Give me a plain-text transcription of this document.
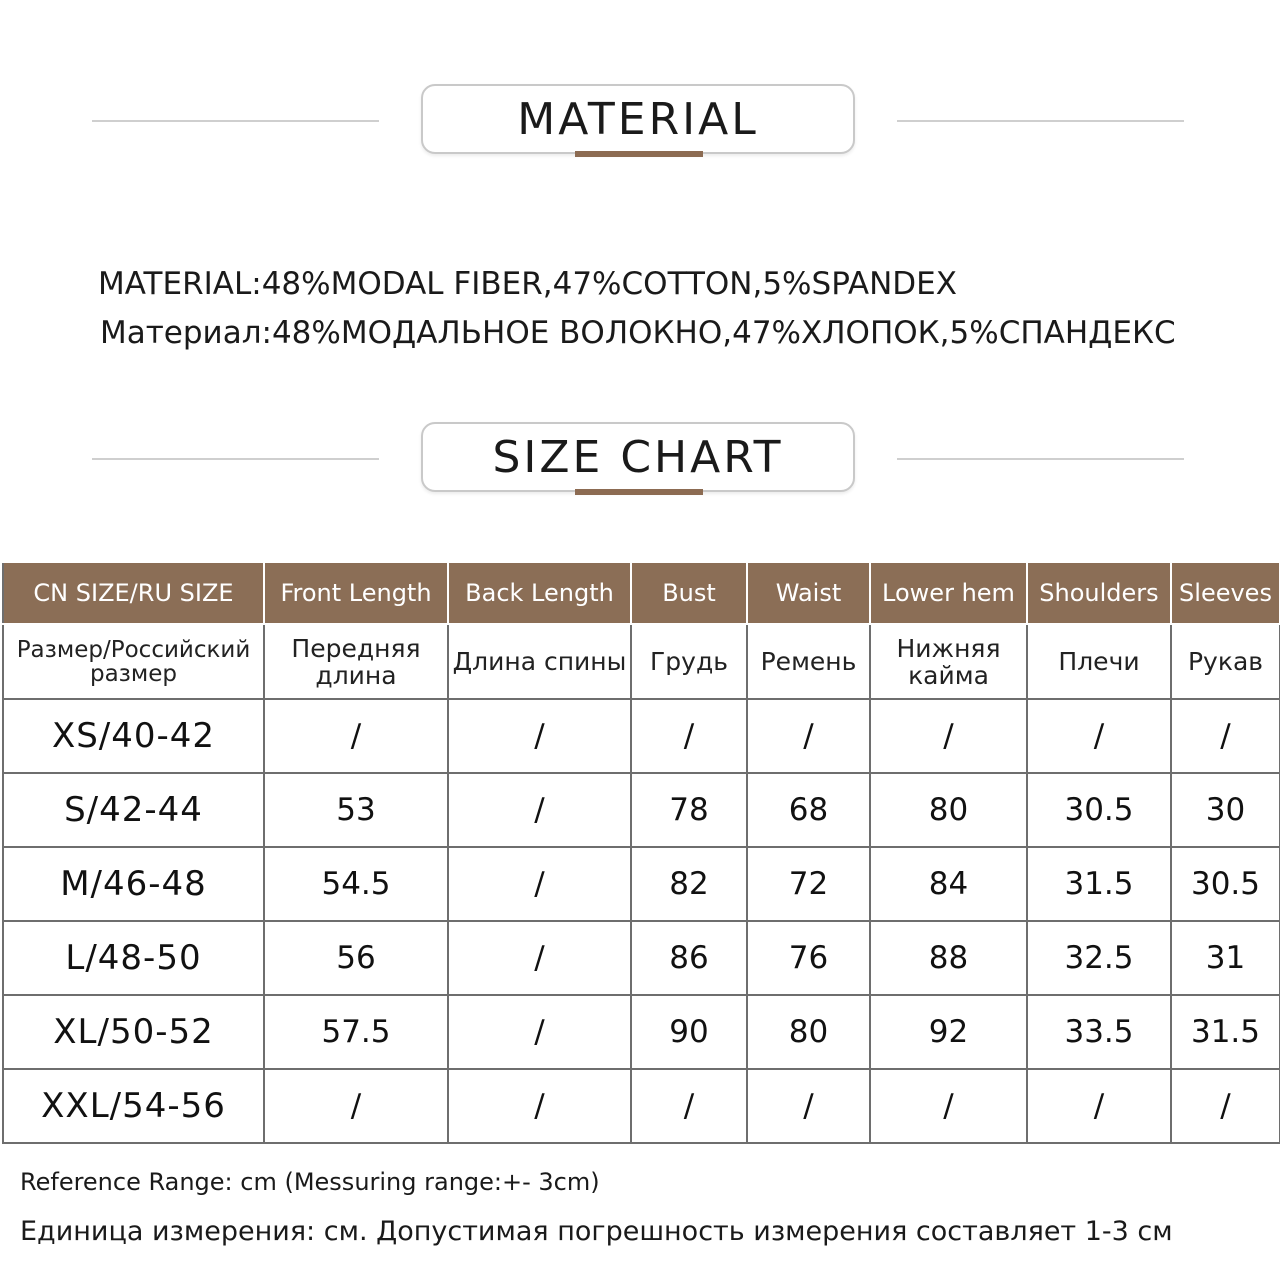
MATERIAL
MATERIAL:48%MODAL FIBER,47%COTTON,5%SPANDEX
Материал:48%МОДАЛЬНОЕ ВОЛОКНО,47%ХЛОПОК,5%СПАНДЕКС
SIZE CHART
CN SIZE/RU SIZE	Front Length	Back Length	Bust	Waist	Lower hem	Shoulders	Sleeves
Размер/Российский размер	Передняя длина	Длина спины	Грудь	Ремень	Нижняя кайма	Плечи	Рукав
XS/40-42	/	/	/	/	/	/	/
S/42-44	53	/	78	68	80	30.5	30
M/46-48	54.5	/	82	72	84	31.5	30.5
L/48-50	56	/	86	76	88	32.5	31
XL/50-52	57.5	/	90	80	92	33.5	31.5
XXL/54-56	/	/	/	/	/	/	/
Reference Range: cm (Messuring range:+- 3cm)
Единица измерения: см. Допустимая погрешность измерения составляет 1-3 см
